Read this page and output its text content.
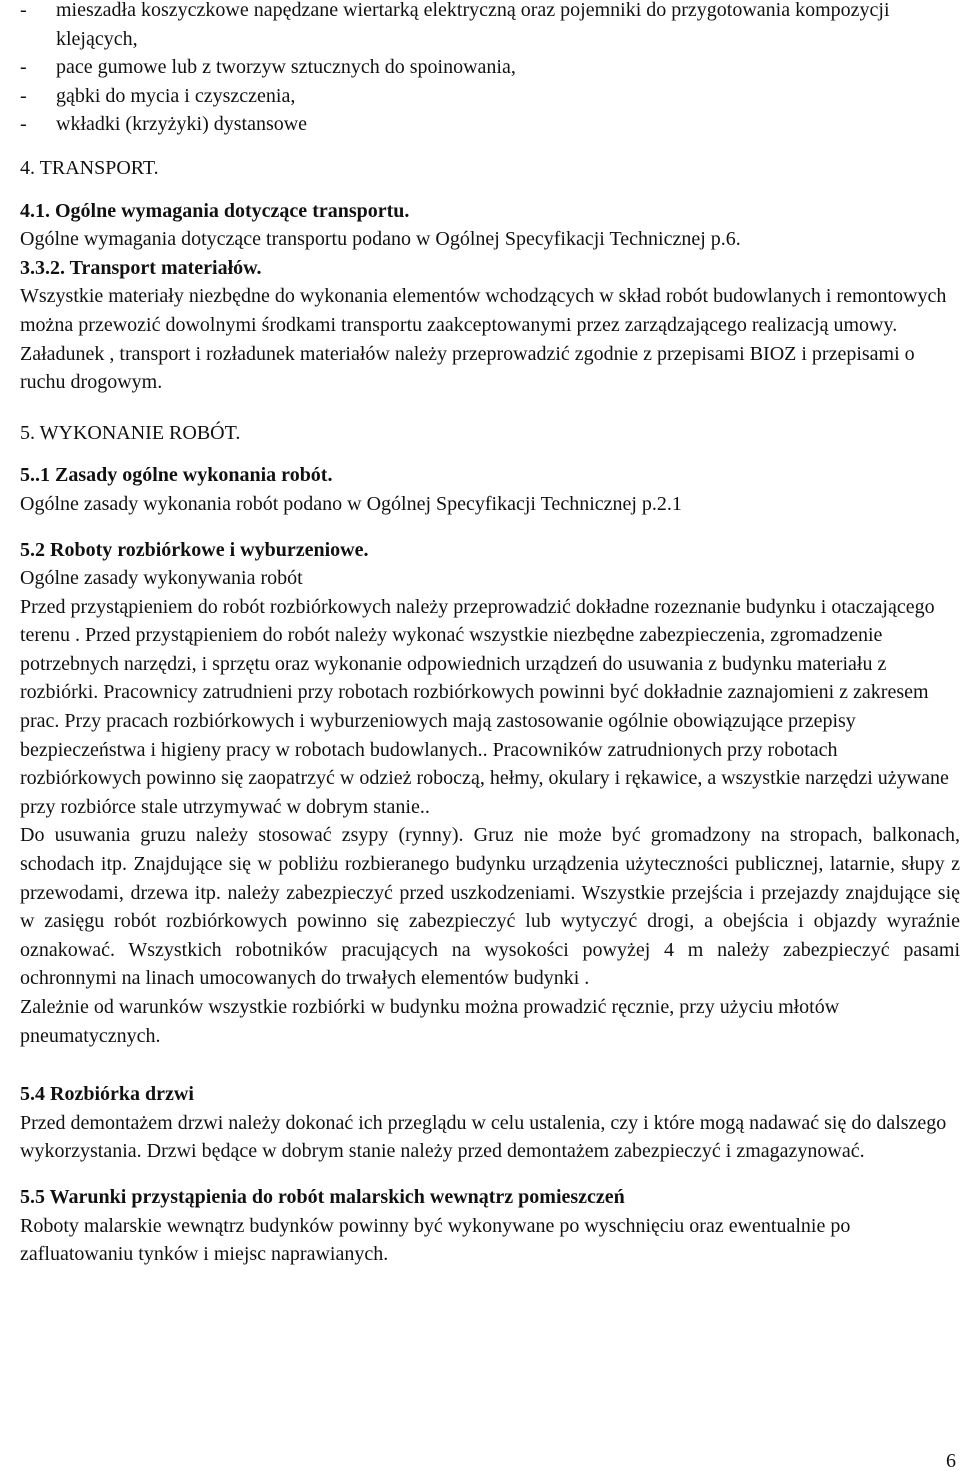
- mieszadła koszyczkowe napędzane wiertarką elektryczną oraz pojemniki do przygotowania kompozycji klejących,
- pace gumowe lub z tworzyw sztucznych do spoinowania,
- gąbki do mycia i czyszczenia,
- wkładki (krzyżyki) dystansowe

4. TRANSPORT.

4.1. Ogólne wymagania dotyczące transportu.

Ogólne wymagania dotyczące transportu podano w Ogólnej Specyfikacji Technicznej p.6.

3.3.2. Transport materiałów.

Wszystkie materiały niezbędne do wykonania elementów wchodzących w skład robót budowlanych i remontowych można przewozić dowolnymi środkami transportu zaakceptowanymi przez zarządzającego realizacją umowy.

Załadunek , transport i rozładunek materiałów należy przeprowadzić zgodnie z przepisami BIOZ i przepisami o ruchu drogowym.

5. WYKONANIE ROBÓT.

5..1 Zasady ogólne wykonania robót.

Ogólne zasady wykonania robót podano w Ogólnej Specyfikacji Technicznej p.2.1

5.2 Roboty rozbiórkowe i wyburzeniowe.

Ogólne zasady wykonywania robót

Przed przystąpieniem do robót rozbiórkowych należy przeprowadzić dokładne rozeznanie budynku i otaczającego terenu . Przed przystąpieniem do robót należy wykonać wszystkie niezbędne zabezpieczenia, zgromadzenie potrzebnych narzędzi, i sprzętu oraz wykonanie odpowiednich urządzeń do usuwania z budynku materiału z rozbiórki. Pracownicy zatrudnieni przy robotach rozbiórkowych powinni być dokładnie zaznajomieni z zakresem prac. Przy pracach rozbiórkowych i wyburzeniowych mają zastosowanie ogólnie obowiązujące przepisy bezpieczeństwa i higieny pracy w robotach budowlanych.. Pracowników zatrudnionych przy robotach rozbiórkowych powinno się zaopatrzyć w odzież roboczą, hełmy, okulary i rękawice, a wszystkie narzędzi używane przy rozbiórce stale utrzymywać w dobrym stanie..

Do usuwania gruzu należy stosować zsypy (rynny). Gruz nie może być gromadzony na stropach, balkonach, schodach itp. Znajdujące się w pobliżu rozbieranego budynku urządzenia użyteczności publicznej, latarnie, słupy z przewodami, drzewa itp. należy zabezpieczyć przed uszkodzeniami. Wszystkie przejścia i przejazdy znajdujące się w zasięgu robót rozbiórkowych powinno się zabezpieczyć lub wytyczyć drogi, a obejścia i objazdy wyraźnie oznakować. Wszystkich robotników pracujących na wysokości powyżej 4 m należy zabezpieczyć pasami ochronnymi na linach umocowanych do trwałych elementów budynki .

Zależnie od warunków wszystkie rozbiórki w budynku można prowadzić ręcznie, przy użyciu młotów pneumatycznych.

5.4 Rozbiórka drzwi

Przed demontażem drzwi należy dokonać ich przeglądu w celu ustalenia, czy i które mogą nadawać się do dalszego wykorzystania. Drzwi będące w dobrym stanie należy przed demontażem zabezpieczyć i zmagazynować.

5.5 Warunki przystąpienia do robót malarskich wewnątrz pomieszczeń

Roboty malarskie wewnątrz budynków powinny być wykonywane po wyschnięciu oraz ewentualnie po zafluatowaniu tynków i miejsc naprawianych.

6
